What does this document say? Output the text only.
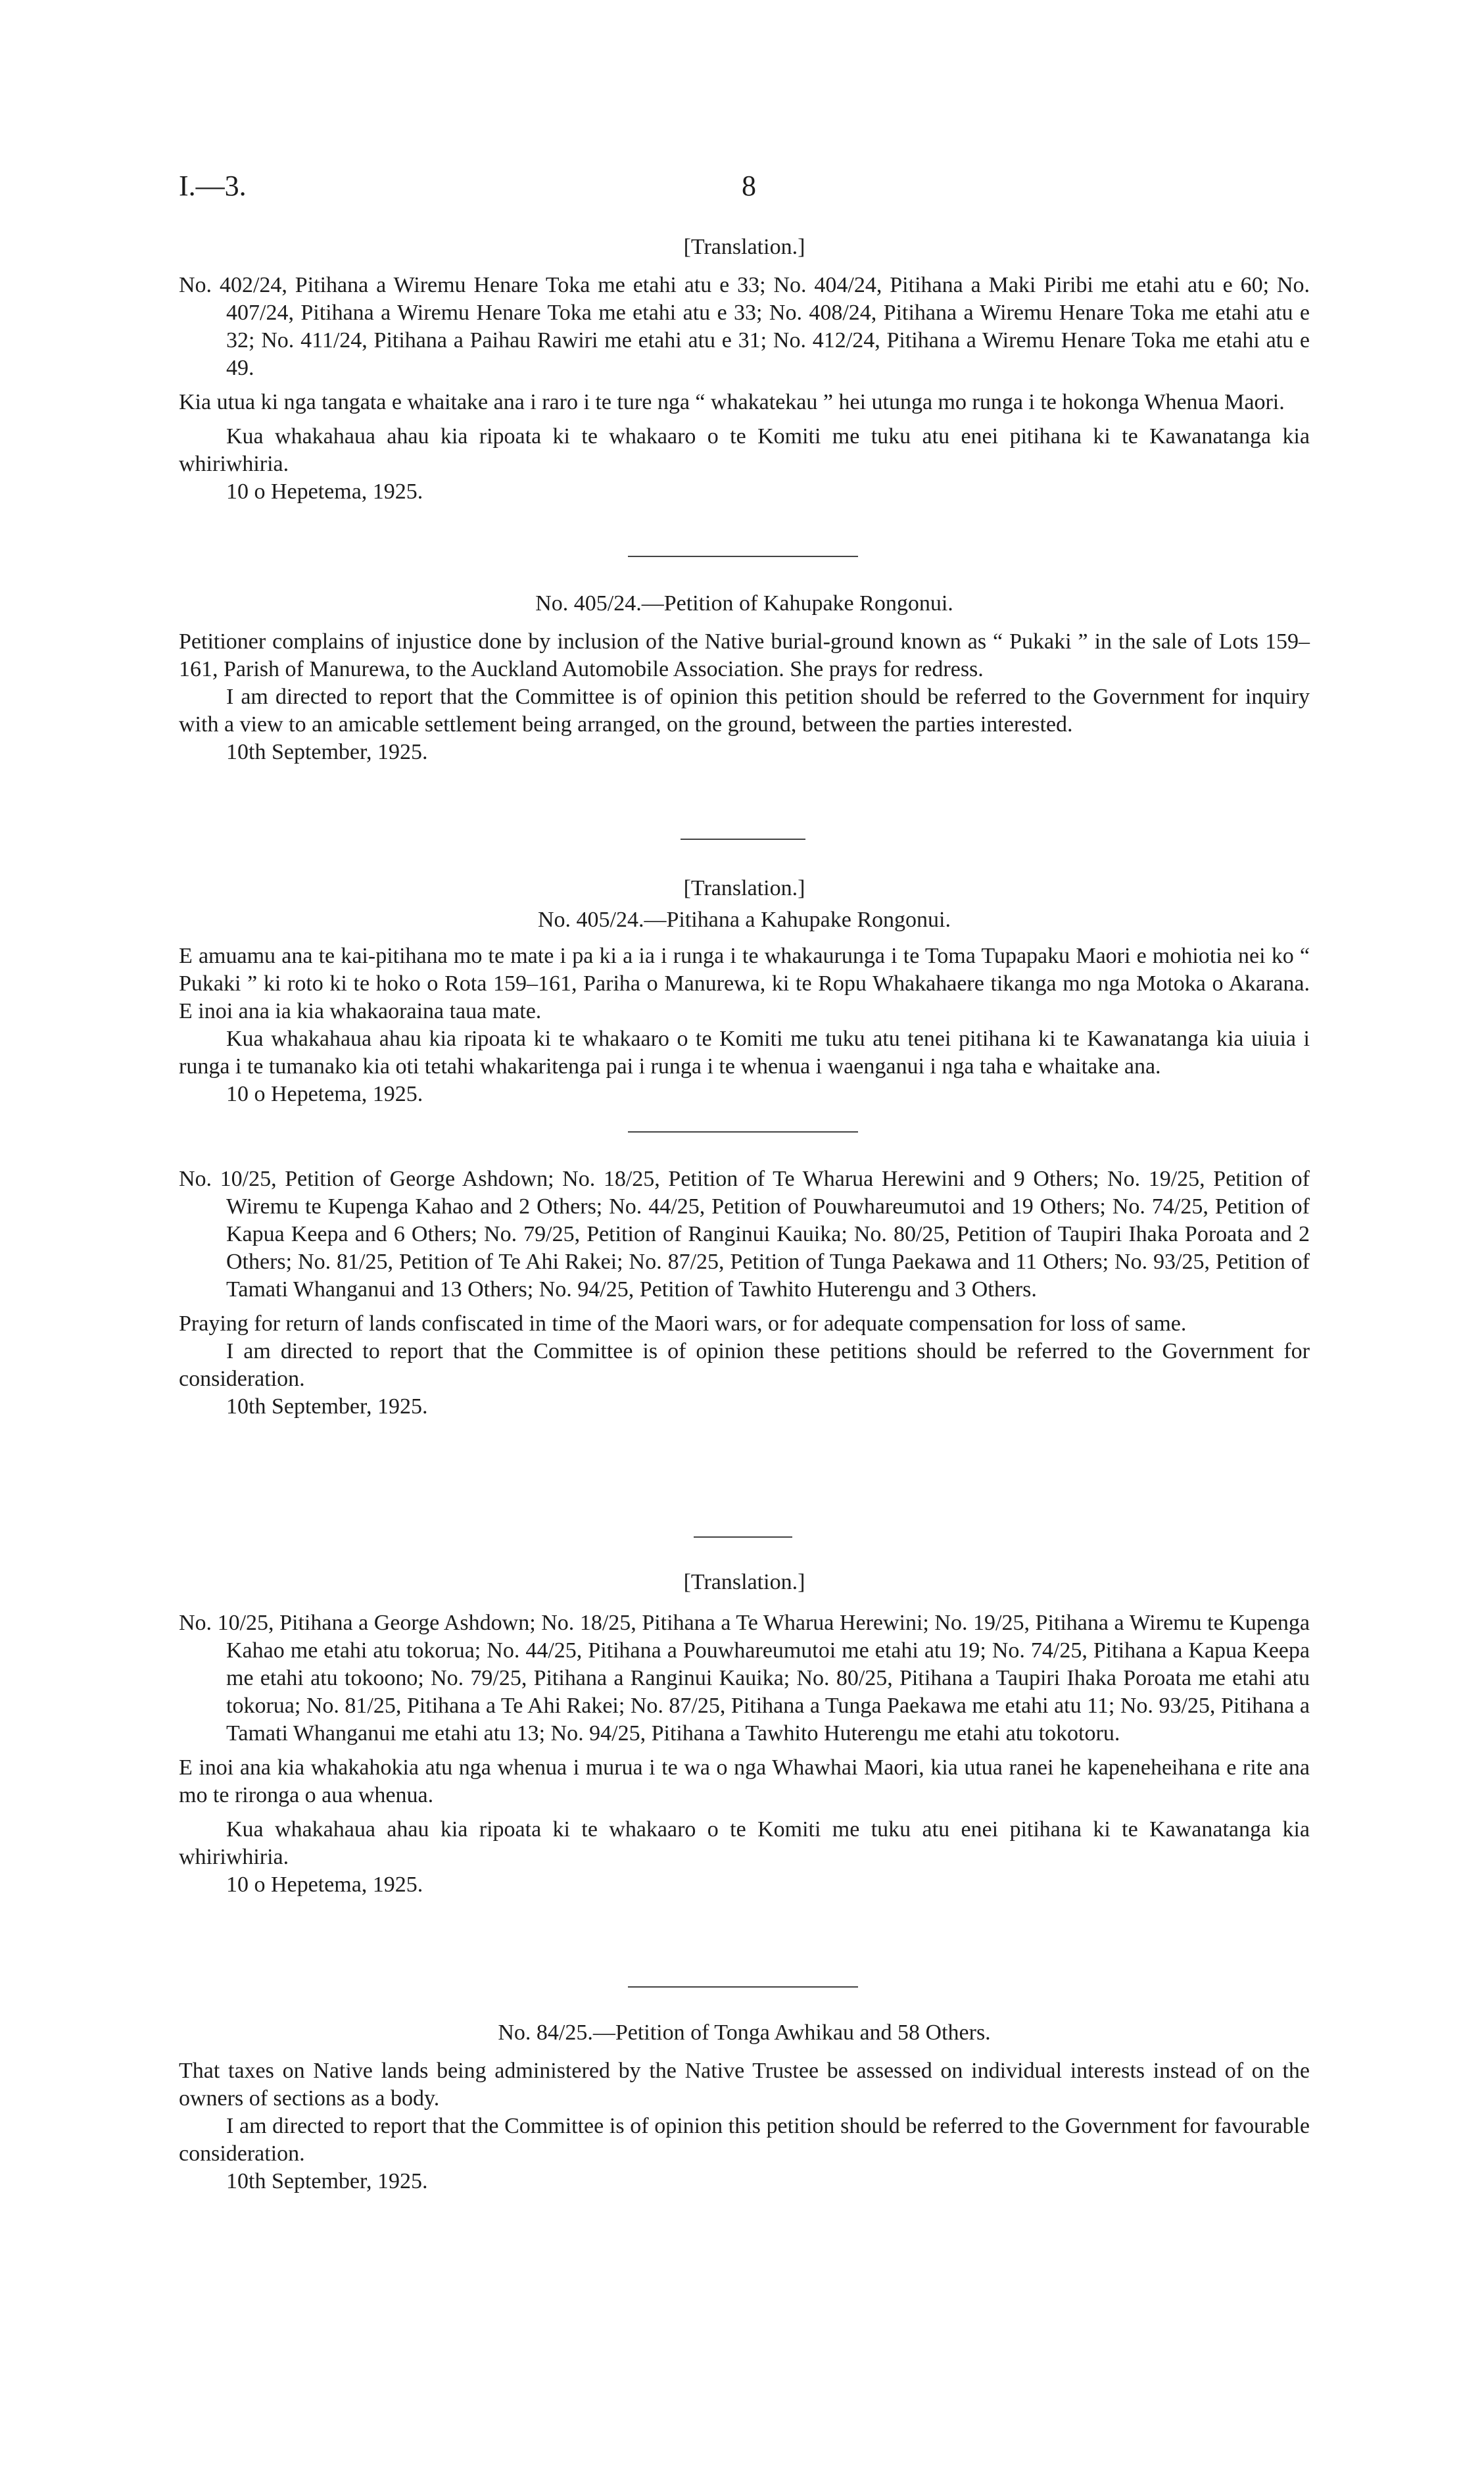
I.—3.	8
[Translation.]

No. 402/24, Pitihana a Wiremu Henare Toka me etahi atu e 33; No. 404/24, Pitihana a Maki Piribi me etahi atu e 60; No. 407/24, Pitihana a Wiremu Henare Toka me etahi atu e 33; No. 408/24, Pitihana a Wiremu Henare Toka me etahi atu e 32; No. 411/24, Pitihana a Paihau Rawiri me etahi atu e 31; No. 412/24, Pitihana a Wiremu Henare Toka me etahi atu e 49.

Kia utua ki nga tangata e whaitake ana i raro i te ture nga “ whakatekau ” hei utunga mo runga i te hokonga Whenua Maori.

Kua whakahaua ahau kia ripoata ki te whakaaro o te Komiti me tuku atu enei pitihana ki te Kawanatanga kia whiriwhiria.

10 o Hepetema, 1925.

No. 405/24.—Petition of Kahupake Rongonui.

Petitioner complains of injustice done by inclusion of the Native burial-ground known as “ Pukaki ” in the sale of Lots 159–161, Parish of Manurewa, to the Auckland Automobile Association. She prays for redress.

I am directed to report that the Committee is of opinion this petition should be referred to the Government for inquiry with a view to an amicable settlement being arranged, on the ground, between the parties interested.

10th September, 1925.

[Translation.]
No. 405/24.—Pitihana a Kahupake Rongonui.

E amuamu ana te kai-pitihana mo te mate i pa ki a ia i runga i te whakaurunga i te Toma Tupapaku Maori e mohiotia nei ko “ Pukaki ” ki roto ki te hoko o Rota 159–161, Pariha o Manurewa, ki te Ropu Whakahaere tikanga mo nga Motoka o Akarana. E inoi ana ia kia whakaoraina taua mate.

Kua whakahaua ahau kia ripoata ki te whakaaro o te Komiti me tuku atu tenei pitihana ki te Kawanatanga kia uiuia i runga i te tumanako kia oti tetahi whakaritenga pai i runga i te whenua i waenganui i nga taha e whaitake ana.

10 o Hepetema, 1925.

No. 10/25, Petition of George Ashdown; No. 18/25, Petition of Te Wharua Herewini and 9 Others; No. 19/25, Petition of Wiremu te Kupenga Kahao and 2 Others; No. 44/25, Petition of Pouwhareumutoi and 19 Others; No. 74/25, Petition of Kapua Keepa and 6 Others; No. 79/25, Petition of Ranginui Kauika; No. 80/25, Petition of Taupiri Ihaka Poroata and 2 Others; No. 81/25, Petition of Te Ahi Rakei; No. 87/25, Petition of Tunga Paekawa and 11 Others; No. 93/25, Petition of Tamati Whanganui and 13 Others; No. 94/25, Petition of Tawhito Huterengu and 3 Others.

Praying for return of lands confiscated in time of the Maori wars, or for adequate compensation for loss of same.

I am directed to report that the Committee is of opinion these petitions should be referred to the Government for consideration.

10th September, 1925.

[Translation.]

No. 10/25, Pitihana a George Ashdown; No. 18/25, Pitihana a Te Wharua Herewini; No. 19/25, Pitihana a Wiremu te Kupenga Kahao me etahi atu tokorua; No. 44/25, Pitihana a Pouwhareumutoi me etahi atu 19; No. 74/25, Pitihana a Kapua Keepa me etahi atu tokoono; No. 79/25, Pitihana a Ranginui Kauika; No. 80/25, Pitihana a Taupiri Ihaka Poroata me etahi atu tokorua; No. 81/25, Pitihana a Te Ahi Rakei; No. 87/25, Pitihana a Tunga Paekawa me etahi atu 11; No. 93/25, Pitihana a Tamati Whanganui me etahi atu 13; No. 94/25, Pitihana a Tawhito Huterengu me etahi atu tokotoru.

E inoi ana kia whakahokia atu nga whenua i murua i te wa o nga Whawhai Maori, kia utua ranei he kapeneheihana e rite ana mo te rironga o aua whenua.

Kua whakahaua ahau kia ripoata ki te whakaaro o te Komiti me tuku atu enei pitihana ki te Kawanatanga kia whiriwhiria.

10 o Hepetema, 1925.

No. 84/25.—Petition of Tonga Awhikau and 58 Others.

That taxes on Native lands being administered by the Native Trustee be assessed on individual interests instead of on the owners of sections as a body.

I am directed to report that the Committee is of opinion this petition should be referred to the Government for favourable consideration.

10th September, 1925.
